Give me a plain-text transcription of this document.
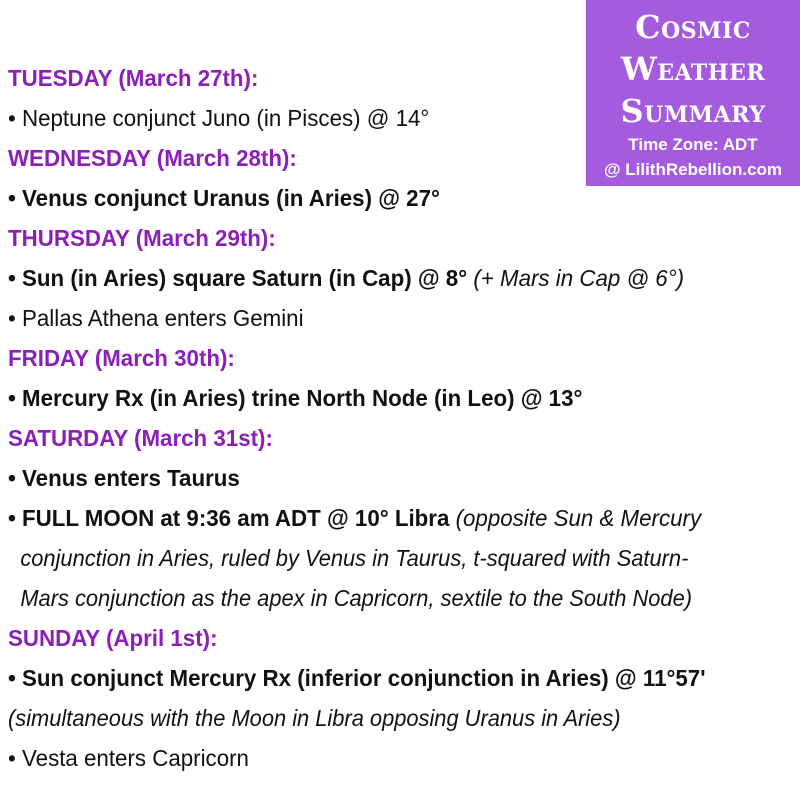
Cosmic
Weather
Summary
Time Zone: ADT
@ LilithRebellion.com
TUESDAY (March 27th):
• Neptune conjunct Juno (in Pisces) @ 14°
WEDNESDAY (March 28th):
• Venus conjunct Uranus (in Aries) @ 27°
THURSDAY (March 29th):
• Sun (in Aries) square Saturn (in Cap) @ 8° (+ Mars in Cap @ 6°)
• Pallas Athena enters Gemini
FRIDAY (March 30th):
• Mercury Rx (in Aries) trine North Node (in Leo) @ 13°
SATURDAY (March 31st):
• Venus enters Taurus
• FULL MOON at 9:36 am ADT @ 10° Libra (opposite Sun & Mercury
conjunction in Aries, ruled by Venus in Taurus, t-squared with Saturn-
Mars conjunction as the apex in Capricorn, sextile to the South Node)
SUNDAY (April 1st):
• Sun conjunct Mercury Rx (inferior conjunction in Aries) @ 11°57'
(simultaneous with the Moon in Libra opposing Uranus in Aries)
• Vesta enters Capricorn
